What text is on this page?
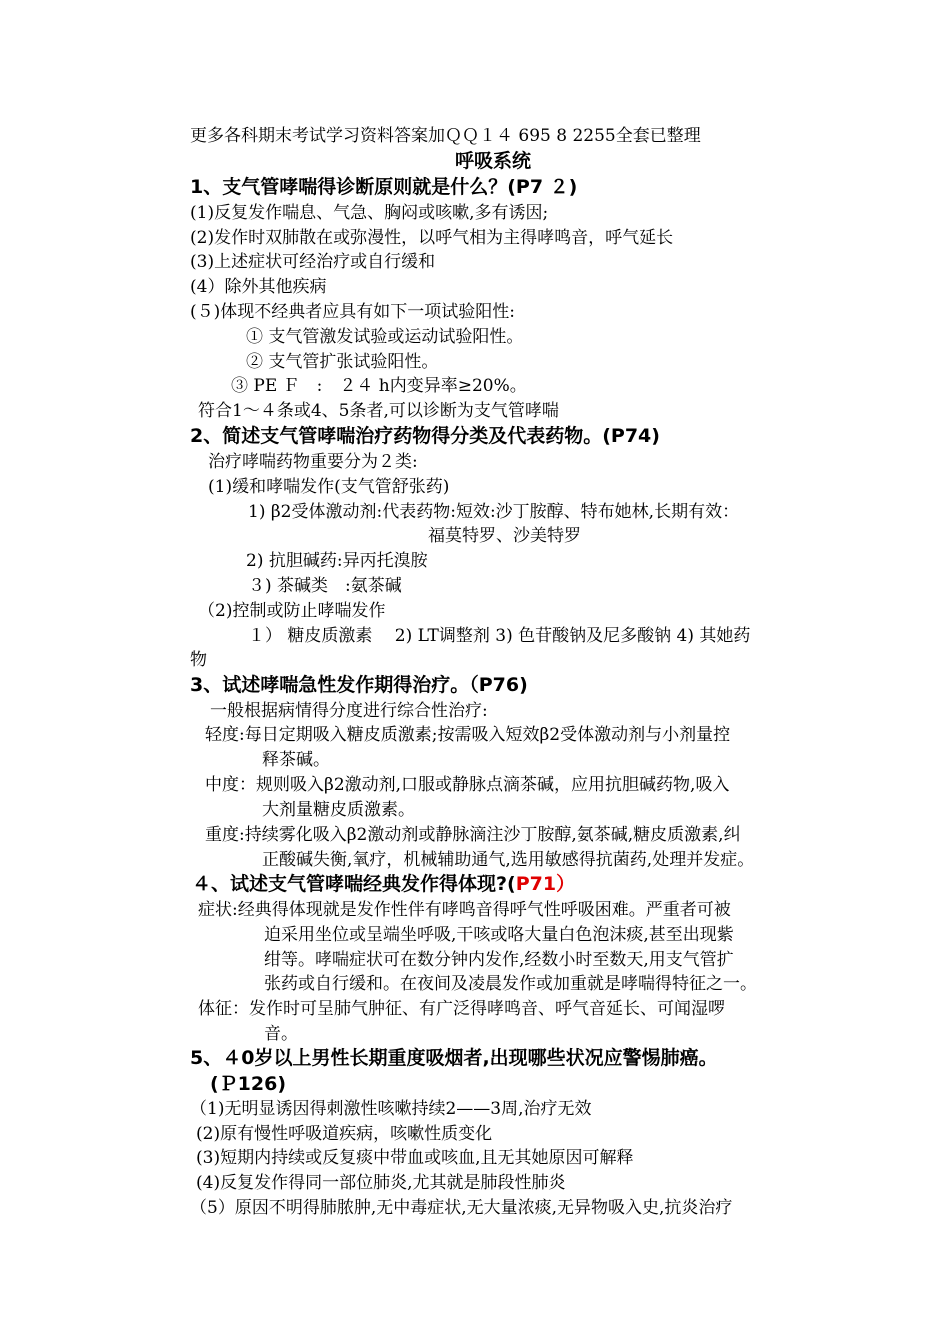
更多各科期末考试学习资料答案加ＱＱ１４ 695 8 2255全套已整理
呼吸系统
1、支气管哮喘得诊断原则就是什么？(P7 ２)
(1)反复发作喘息、气急、胸闷或咳嗽,多有诱因;
(2)发作时双肺散在或弥漫性，以呼气相为主得哮鸣音，呼气延长
(3)上述症状可经治疗或自行缓和
(4）除外其他疾病
(５)体现不经典者应具有如下一项试验阳性:
① 支气管激发试验或运动试验阳性。
② 支气管扩张试验阳性。
③ PE Ｆ　:　２４ h内变异率≥20%。
符合1～４条或4、5条者,可以诊断为支气管哮喘
2、简述支气管哮喘治疗药物得分类及代表药物。(P74)
治疗哮喘药物重要分为２类:
(1)缓和哮喘发作(支气管舒张药)
1) β2受体激动剂:代表药物:短效:沙丁胺醇、特布她林,长期有效：
福莫特罗、沙美特罗
2) 抗胆碱药:异丙托溴胺
３) 茶碱类　:氨茶碱
（2)控制或防止哮喘发作
１） 糖皮质激素　 2) LT调整剂 3) 色苷酸钠及尼多酸钠 4) 其她药
物
3、试述哮喘急性发作期得治疗。（P76)
一般根据病情得分度进行综合性治疗:
轻度:每日定期吸入糖皮质激素;按需吸入短效β2受体激动剂与小剂量控
释茶碱。
中度：规则吸入β2激动剂,口服或静脉点滴茶碱，应用抗胆碱药物,吸入
大剂量糖皮质激素。
重度:持续雾化吸入β2激动剂或静脉滴注沙丁胺醇,氨茶碱,糖皮质激素,纠
正酸碱失衡,氧疗，机械辅助通气,选用敏感得抗菌药,处理并发症。
４、试述支气管哮喘经典发作得体现?(P71）
症状:经典得体现就是发作性伴有哮鸣音得呼气性呼吸困难。严重者可被
迫采用坐位或呈端坐呼吸,干咳或咯大量白色泡沫痰,甚至出现紫
绀等。哮喘症状可在数分钟内发作,经数小时至数天,用支气管扩
张药或自行缓和。在夜间及凌晨发作或加重就是哮喘得特征之一。
体征：发作时可呈肺气肿征、有广泛得哮鸣音、呼气音延长、可闻湿啰
音。
5、４0岁以上男性长期重度吸烟者,出现哪些状况应警惕肺癌。
(Ｐ126)
（1)无明显诱因得刺激性咳嗽持续2——3周,治疗无效
(2)原有慢性呼吸道疾病，咳嗽性质变化
(3)短期内持续或反复痰中带血或咳血,且无其她原因可解释
(4)反复发作得同一部位肺炎,尤其就是肺段性肺炎
（5）原因不明得肺脓肿,无中毒症状,无大量浓痰,无异物吸入史,抗炎治疗
